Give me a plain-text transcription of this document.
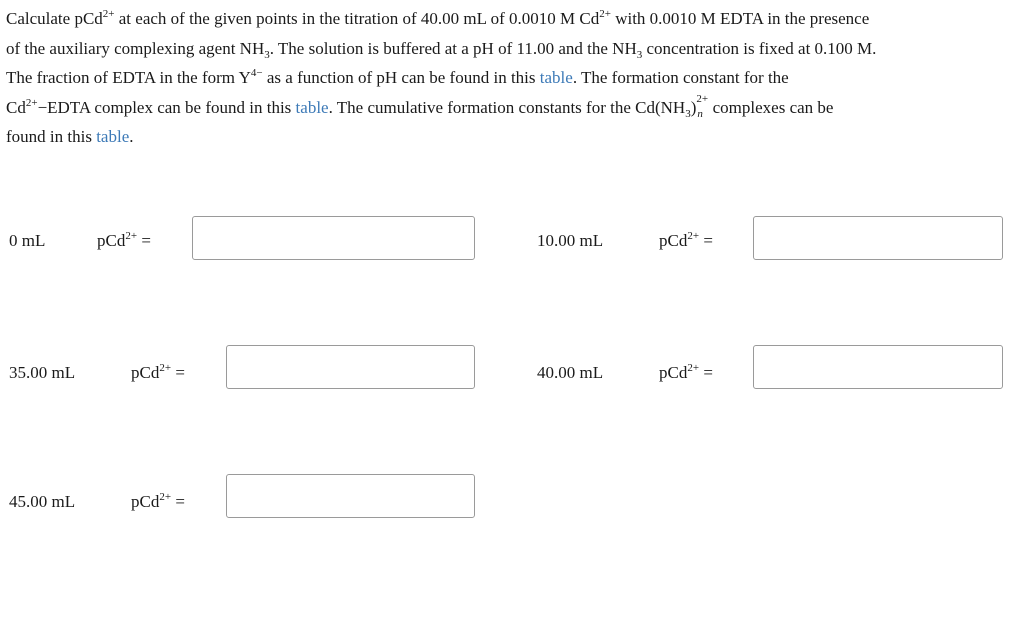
Calculate pCd$^{2+}$ at each of the given points in the titration of 40.00 mL of 0.0010 M $Cd^{2+}$ with 0.0010 M EDTA in the presence

of the auxiliary complexing agent $NH_3$. The solution is buffered at a pH of 11.00 and the $NH_3$ concentration is fixed at 0.100 M.

The fraction of EDTA in the form $Y^{4-}$ as a function of pH can be found in this table. The formation constant for the

$Cd^{2+}-EDTA$ complex can be found in this table. The cumulative formation constants for the $Cd(NH_3)$ 2+
n complexes can be

found in this table.

0 mL	pCd$^{2+}$ =	10.00 mL	pCd$^{2+}$ =
35.00 mL	pCd$^{2+}$ =	40.00 mL	pCd$^{2+}$ =
45.00 mL	pCd$^{2+}$ =
